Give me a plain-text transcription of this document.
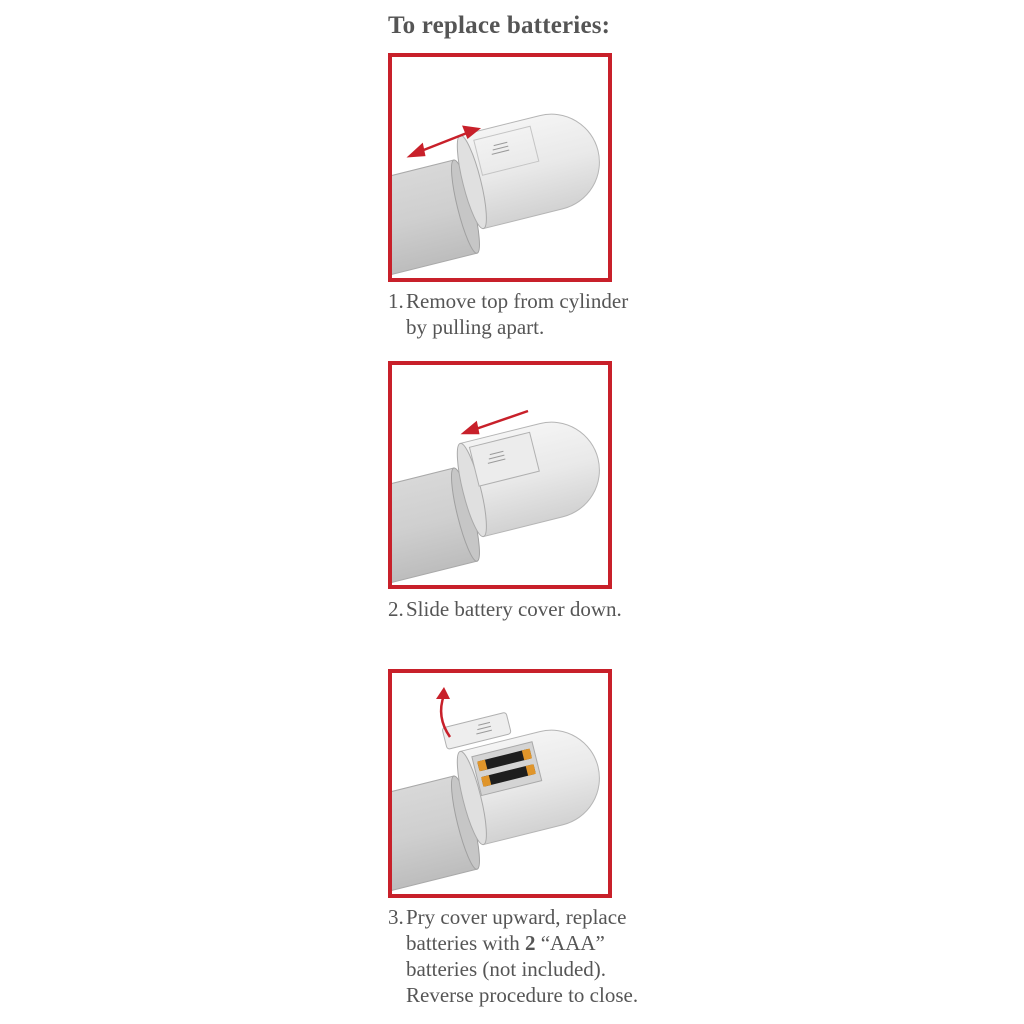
To replace batteries:
1. Remove top from cylinder
by pulling apart.
2. Slide battery cover down.
3. Pry cover upward, replace
batteries with 2 “AAA”
batteries (not included).
Reverse procedure to close.
